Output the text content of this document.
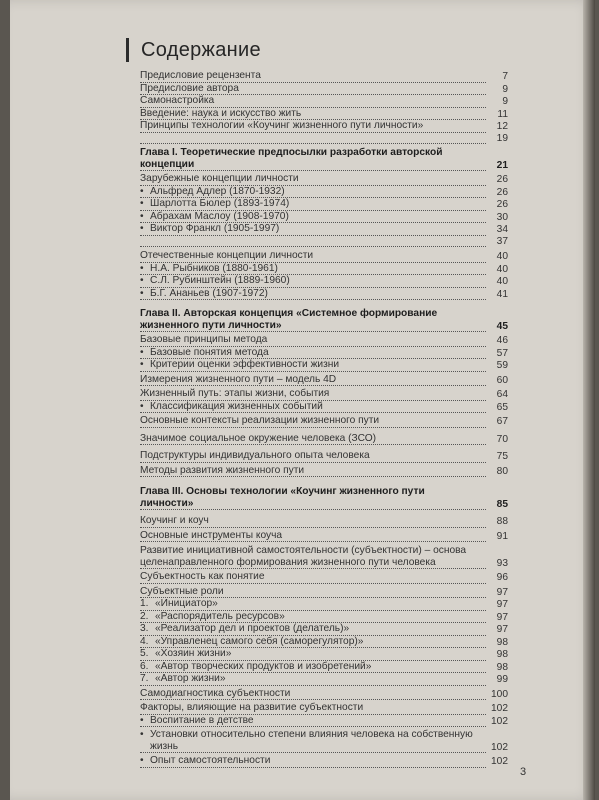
Содержание
Предисловие рецензента	7
Предисловие автора	9
Самонастройка	9
Введение: наука и искусство жить	11
Принципы технологии «Коучинг жизненного пути личности»	12
19
Глава I. Теоретические предпосылки разработки авторской
концепции	21
Зарубежные концепции личности	26
• Альфред Адлер (1870-1932)	26
• Шарлотта Бюлер (1893-1974)	26
• Абрахам Маслоу (1908-1970)	30
• Виктор Франкл (1905-1997)	34
37
Отечественные концепции личности	40
• Н.А. Рыбников (1880-1961)	40
• С.Л. Рубинштейн (1889-1960)	40
• Б.Г. Ананьев (1907-1972)	41
Глава II. Авторская концепция «Системное формирование
жизненного пути личности»	45
Базовые принципы метода	46
• Базовые понятия метода	57
• Критерии оценки эффективности жизни	59
Измерения жизненного пути – модель 4D	60
Жизненный путь: этапы жизни, события	64
• Классификация жизненных событий	65
Основные контексты реализации жизненного пути	67
Значимое социальное окружение человека (ЗСО)	70
Подструктуры индивидуального опыта человека	75
Методы развития жизненного пути	80
Глава III. Основы технологии «Коучинг жизненного пути
личности»	85
Коучинг и коуч	88
Основные инструменты коуча	91
Развитие инициативной самостоятельности (субъектности) – основа
целенаправленного формирования жизненного пути человека	93
Субъектность как понятие	96
Субъектные роли	97
1. «Инициатор»	97
2. «Распорядитель ресурсов»	97
3. «Реализатор дел и проектов (делатель)»	97
4. «Управленец самого себя (саморегулятор)»	98
5. «Хозяин жизни»	98
6. «Автор творческих продуктов и изобретений»	98
7. «Автор жизни»	99
Самодиагностика субъектности	100
Факторы, влияющие на развитие субъектности	102
• Воспитание в детстве	102
• Установки относительно степени влияния человека на собственную
жизнь	102
• Опыт самостоятельности	102
3
